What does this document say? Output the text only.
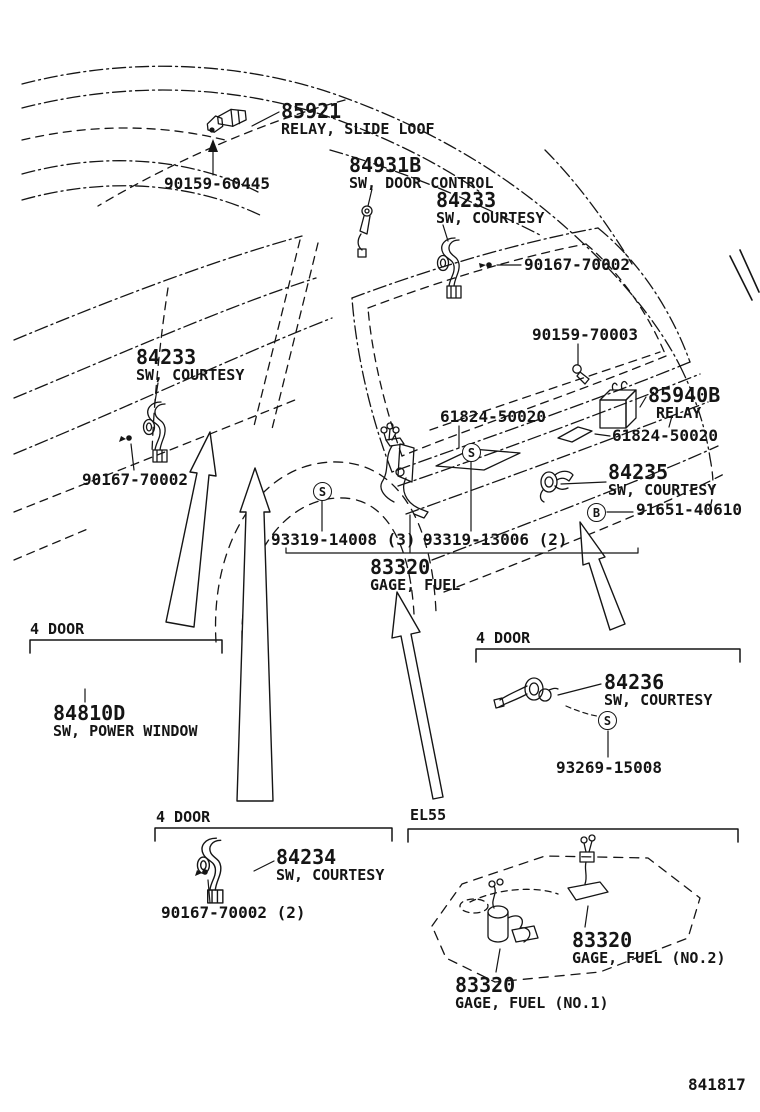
85921
RELAY, SLIDE LOOF
90159-60445
84931B
SW, DOOR CONTROL
84233
SW, COURTESY
90167-70002
90159-70003
85940B
RELAY
61824-50020
61824-50020
84235
SW, COURTESY
91651-40610
84233
SW, COURTESY
90167-70002
93319-14008 (3) 93319-13006 (2)
83320
GAGE, FUEL
84810D
SW, POWER WINDOW
84236
SW, COURTESY
93269-15008
84234
SW, COURTESY
90167-70002 (2)
83320
GAGE, FUEL (NO.2)
83320
GAGE, FUEL (NO.1)
4 DOOR	4 DOOR
4 DOOR	EL55
S
S
S
B
841817
